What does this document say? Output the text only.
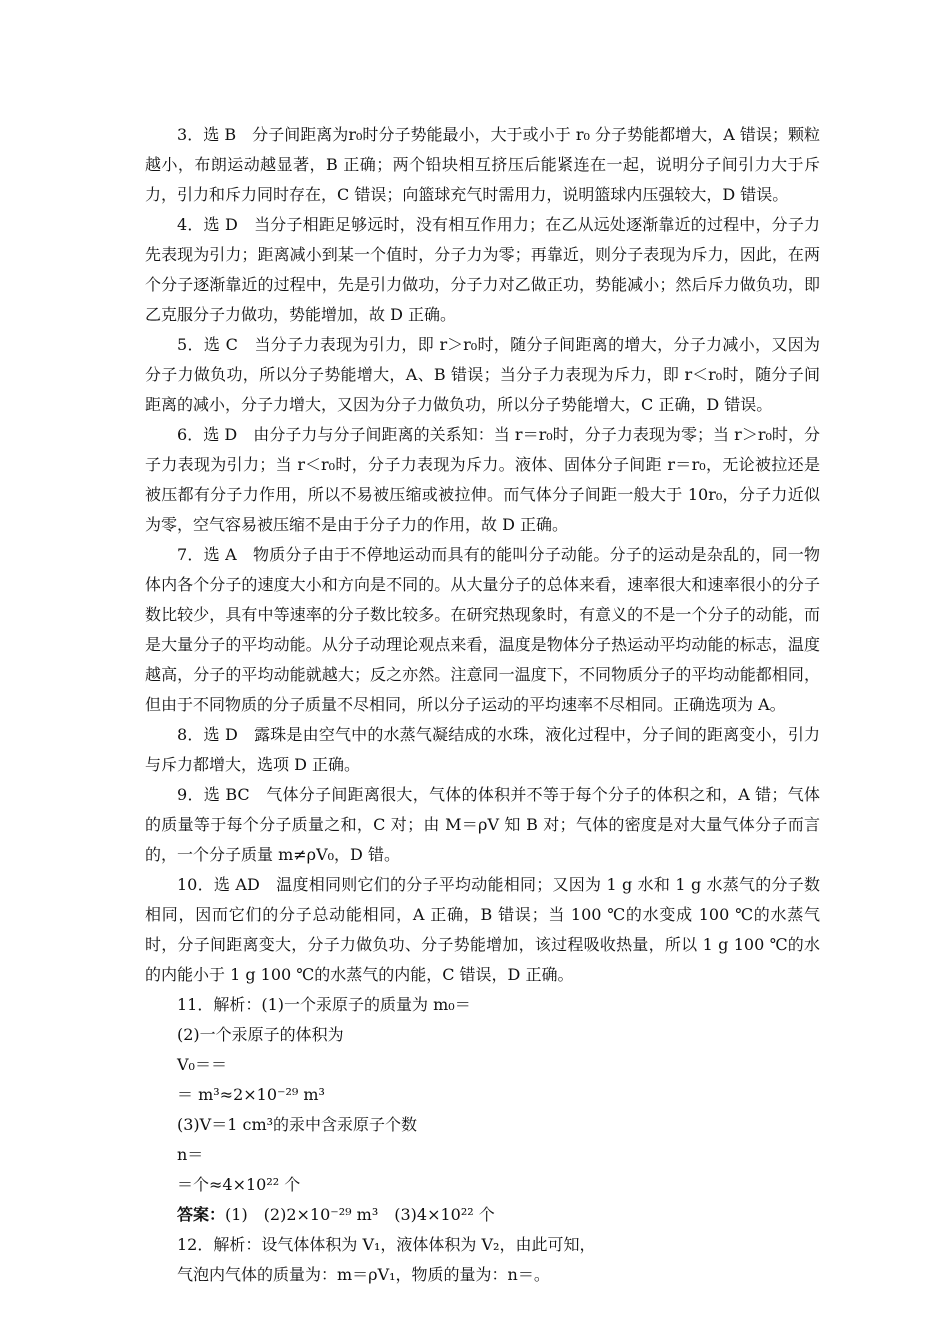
3．选 B　分子间距离为r₀时分子势能最小，大于或小于 r₀ 分子势能都增大，A 错误；颗粒越小，布朗运动越显著，B 正确；两个铅块相互挤压后能紧连在一起，说明分子间引力大于斥力，引力和斥力同时存在，C 错误；向篮球充气时需用力，说明篮球内压强较大，D 错误。

4．选 D　当分子相距足够远时，没有相互作用力；在乙从远处逐渐靠近的过程中，分子力先表现为引力；距离减小到某一个值时，分子力为零；再靠近，则分子表现为斥力，因此，在两个分子逐渐靠近的过程中，先是引力做功，分子力对乙做正功，势能减小；然后斥力做负功，即乙克服分子力做功，势能增加，故 D 正确。

5．选 C　当分子力表现为引力，即 r＞r₀时，随分子间距离的增大，分子力减小，又因为分子力做负功，所以分子势能增大，A、B 错误；当分子力表现为斥力，即 r＜r₀时，随分子间距离的减小，分子力增大，又因为分子力做负功，所以分子势能增大，C 正确，D 错误。

6．选 D　由分子力与分子间距离的关系知：当 r＝r₀时，分子力表现为零；当 r＞r₀时，分子力表现为引力；当 r＜r₀时，分子力表现为斥力。液体、固体分子间距 r＝r₀，无论被拉还是被压都有分子力作用，所以不易被压缩或被拉伸。而气体分子间距一般大于 10r₀，分子力近似为零，空气容易被压缩不是由于分子力的作用，故 D 正确。

7．选 A　物质分子由于不停地运动而具有的能叫分子动能。分子的运动是杂乱的，同一物体内各个分子的速度大小和方向是不同的。从大量分子的总体来看，速率很大和速率很小的分子数比较少，具有中等速率的分子数比较多。在研究热现象时，有意义的不是一个分子的动能，而是大量分子的平均动能。从分子动理论观点来看，温度是物体分子热运动平均动能的标志，温度越高，分子的平均动能就越大；反之亦然。注意同一温度下，不同物质分子的平均动能都相同，但由于不同物质的分子质量不尽相同，所以分子运动的平均速率不尽相同。正确选项为 A。

8．选 D　露珠是由空气中的水蒸气凝结成的水珠，液化过程中，分子间的距离变小，引力与斥力都增大，选项 D 正确。

9．选 BC　气体分子间距离很大，气体的体积并不等于每个分子的体积之和，A 错；气体的质量等于每个分子质量之和，C 对；由 M＝ρV 知 B 对；气体的密度是对大量气体分子而言的，一个分子质量 m≠ρV₀，D 错。

10．选 AD　温度相同则它们的分子平均动能相同；又因为 1 g 水和 1 g 水蒸气的分子数相同，因而它们的分子总动能相同，A 正确，B 错误；当 100 ℃的水变成 100 ℃的水蒸气时，分子间距离变大，分子力做负功、分子势能增加，该过程吸收热量，所以 1 g 100 ℃的水的内能小于 1 g 100 ℃的水蒸气的内能，C 错误，D 正确。

11．解析：(1)一个汞原子的质量为 m₀＝

(2)一个汞原子的体积为

V₀＝＝

＝ m³≈2×10⁻²⁹ m³

(3)V＝1 cm³的汞中含汞原子个数

n＝

＝个≈4×10²² 个

答案：(1)　(2)2×10⁻²⁹ m³　(3)4×10²² 个

12．解析：设气体体积为 V₁，液体体积为 V₂，由此可知，

气泡内气体的质量为：m＝ρV₁，物质的量为：n＝。
